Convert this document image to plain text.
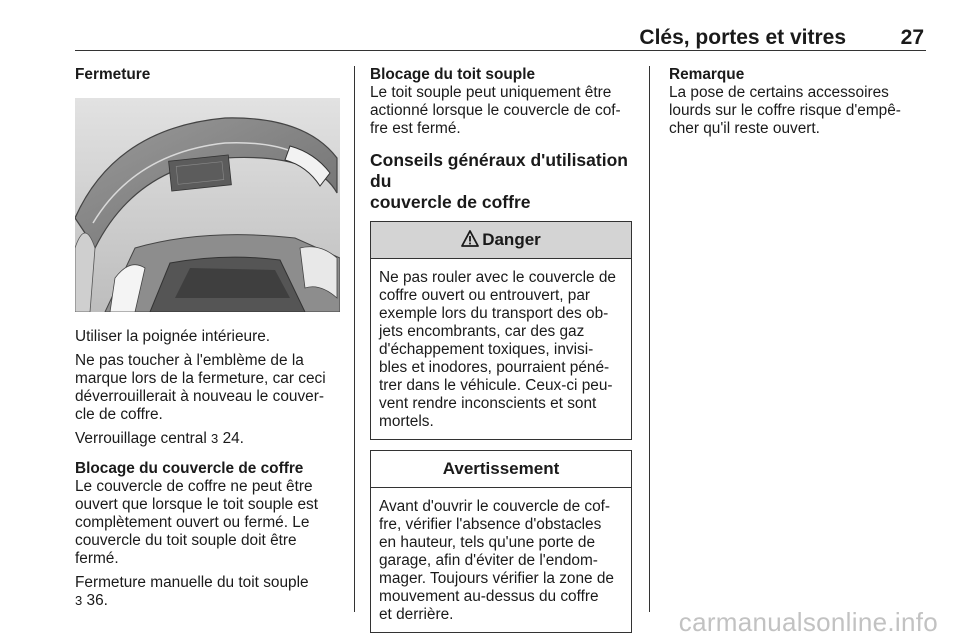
Clés, portes et vitres	27
Fermeture

Utiliser la poignée intérieure.

Ne pas toucher à l'emblème de la
marque lors de la fermeture, car ceci
déverrouillerait à nouveau le couver-
cle de coffre.

Verrouillage central 3 24.

Blocage du couvercle de coffre

Le couvercle de coffre ne peut être
ouvert que lorsque le toit souple est
complètement ouvert ou fermé. Le
couvercle du toit souple doit être
fermé.

Fermeture manuelle du toit souple
3 36.

Blocage du toit souple

Le toit souple peut uniquement être
actionné lorsque le couvercle de cof-
fre est fermé.

Conseils généraux d'utilisation du
couvercle de coffre
Danger
Ne pas rouler avec le couvercle de
coffre ouvert ou entrouvert, par
exemple lors du transport des ob-
jets encombrants, car des gaz
d'échappement toxiques, invisi-
bles et inodores, pourraient péné-
trer dans le véhicule. Ceux-ci peu-
vent rendre inconscients et sont
mortels.
Avertissement
Avant d'ouvrir le couvercle de cof-
fre, vérifier l'absence d'obstacles
en hauteur, tels qu'une porte de
garage, afin d'éviter de l'endom-
mager. Toujours vérifier la zone de
mouvement au-dessus du coffre
et derrière.
Remarque

La pose de certains accessoires
lourds sur le coffre risque d'empê-
cher qu'il reste ouvert.

carmanualsonline.info
